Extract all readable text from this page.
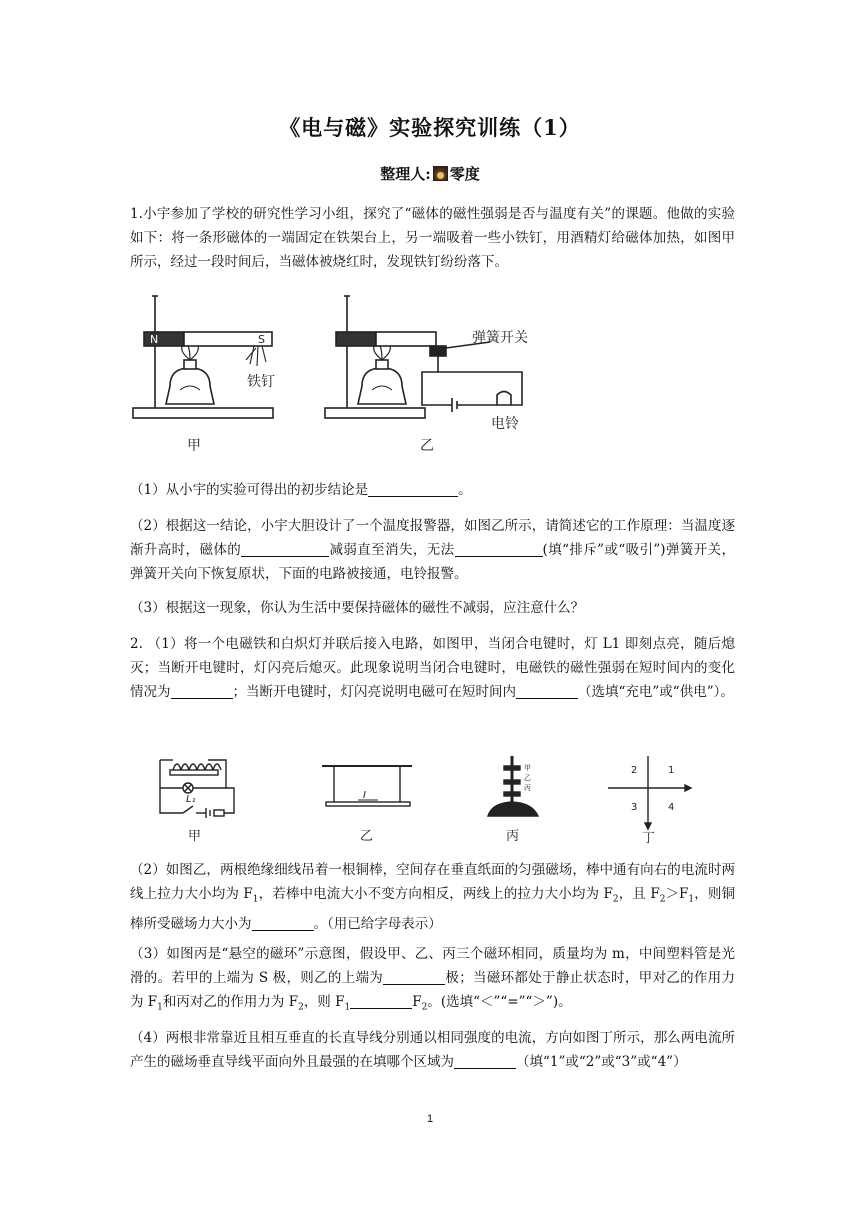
《电与磁》实验探究训练（1）
整理人: 零度
1.小宇参加了学校的研究性学习小组，探究了“磁体的磁性强弱是否与温度有关”的课题。他做的实验如下：将一条形磁体的一端固定在铁架台上，另一端吸着一些小铁钉，用酒精灯给磁体加热，如图甲所示，经过一段时间后，当磁体被烧红时，发现铁钉纷纷落下。
N	S
铁钉
甲
弹簧开关
电铃
乙
（1）从小宇的实验可得出的初步结论是	。
（2）根据这一结论，小宇大胆设计了一个温度报警器，如图乙所示，请简述它的工作原理：当温度逐渐升高时，磁体的	减弱直至消失，无法	(填“排斥”或“吸引”)弹簧开关，弹簧开关向下恢复原状，下面的电路被接通，电铃报警。
（3）根据这一现象，你认为生活中要保持磁体的磁性不减弱，应注意什么？
2. （1）将一个电磁铁和白炽灯并联后接入电路，如图甲，当闭合电键时，灯 L1 即刻点亮，随后熄灭；当断开电键时，灯闪亮后熄灭。此现象说明当闭合电键时，电磁铁的磁性强弱在短时间内的变化情况为	；当断开电键时，灯闪亮说明电磁可在短时间内	（选填“充电”或“供电”）。
L₁	I
甲
乙
丙
2	1
3	4
甲	乙	丙	丁
（2）如图乙，两根绝缘细线吊着一根铜棒，空间存在垂直纸面的匀强磁场，棒中通有向右的电流时两线上拉力大小均为 $F_1$，若棒中电流大小不变方向相反，两线上的拉力大小均为 $F_2$，且 $F_2>F_1$，则铜棒所受磁场力大小为	。（用已给字母表示）
（3）如图丙是“悬空的磁环”示意图，假设甲、乙、丙三个磁环相同，质量均为 m，中间塑料管是光滑的。若甲的上端为 S 极，则乙的上端为	极；当磁环都处于静止状态时，甲对乙的作用力为 $F_1$和丙对乙的作用力为 $F_2$，则 $F_1$	$F_2$。(选填“＜”“=”“＞”)。
（4）两根非常靠近且相互垂直的长直导线分别通以相同强度的电流，方向如图丁所示，那么两电流所产生的磁场垂直导线平面向外且最强的在填哪个区域为	（填“1”或“2”或“3”或“4”）
1
